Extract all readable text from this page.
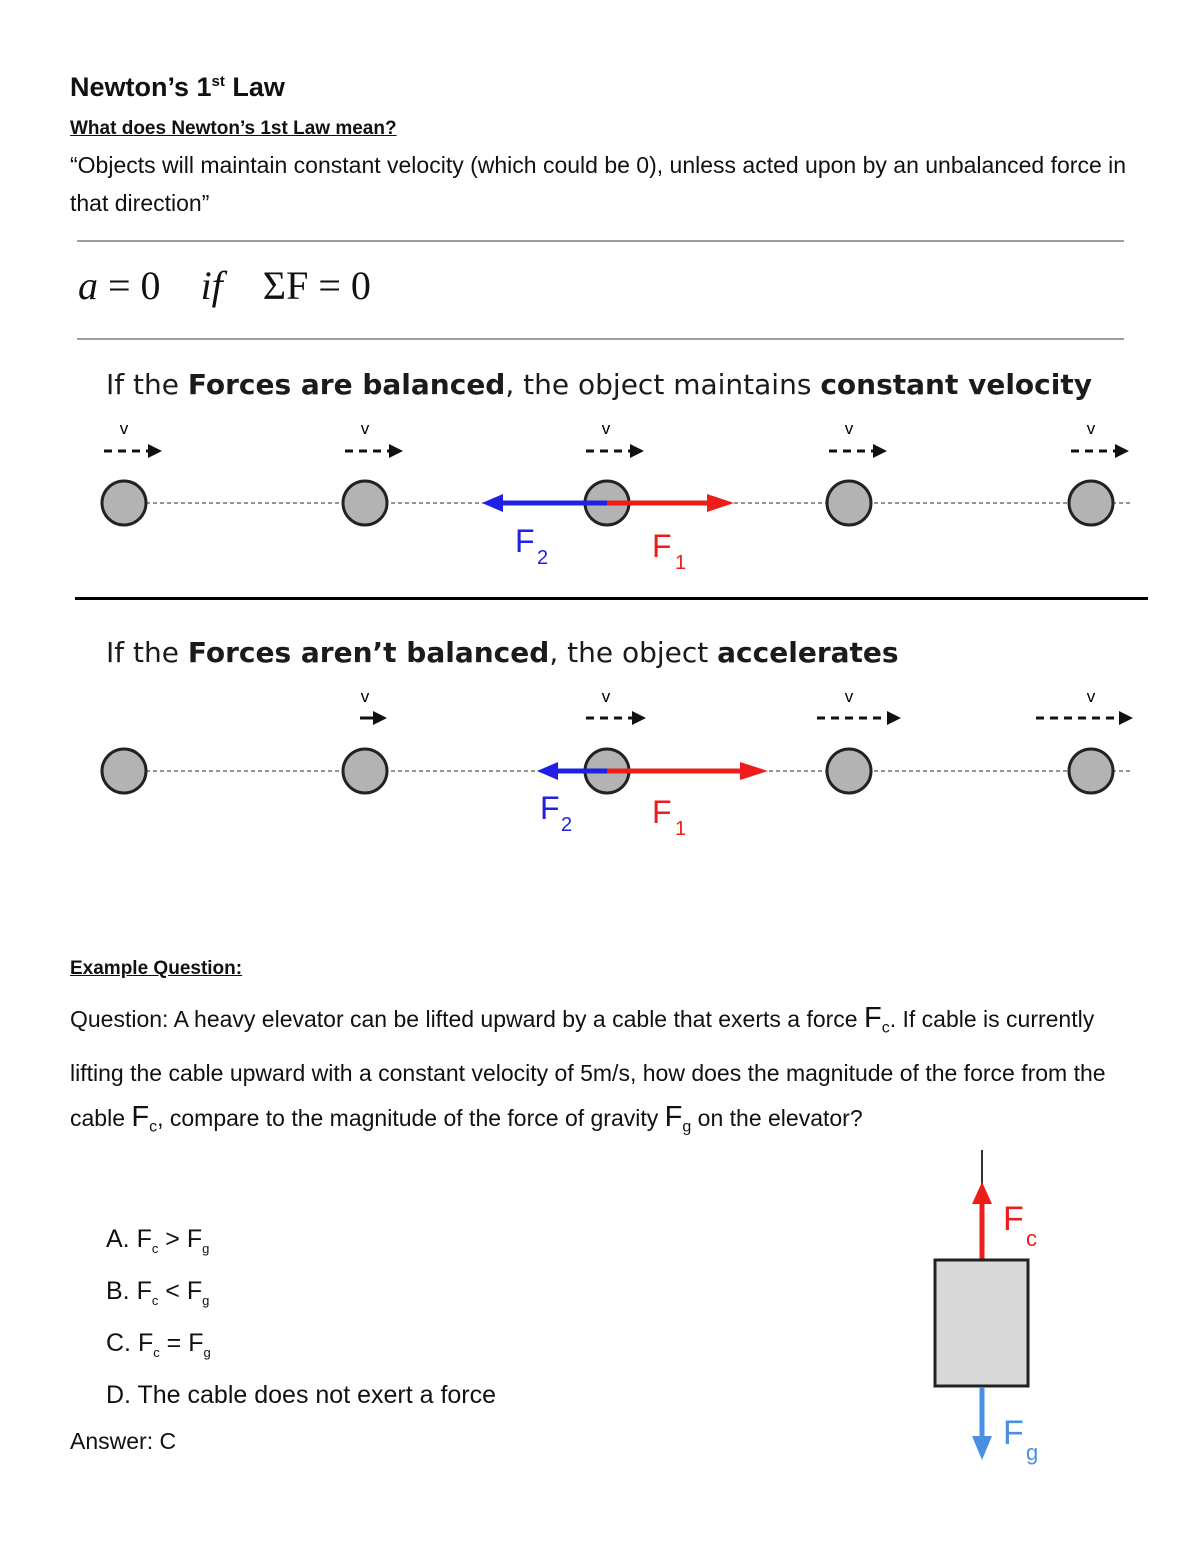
Newton’s 1st Law
What does Newton’s 1st Law mean?
“Objects will maintain constant velocity (which could be 0), unless acted upon by an unbalanced force in that direction”
a = 0    if    ΣF = 0
If the Forces are balanced, the object maintains constant velocity
v	v	v	v	v
F 2	F 1
If the Forces aren’t balanced, the object accelerates
v	v	v	v
F 2 F 1
Example Question:
Question: A heavy elevator can be lifted upward by a cable that exerts a force $F_c$. If cable is currently lifting the cable upward with a constant velocity of 5m/s, how does the magnitude of the force from the cable $F_c$, compare to the magnitude of the force of gravity $F_g$ on the elevator?
A. $F_c > F_g$
B. $F_c < F_g$
C. $F_c = F_g$
D. The cable does not exert a force
Answer: C
F
c
F
g
